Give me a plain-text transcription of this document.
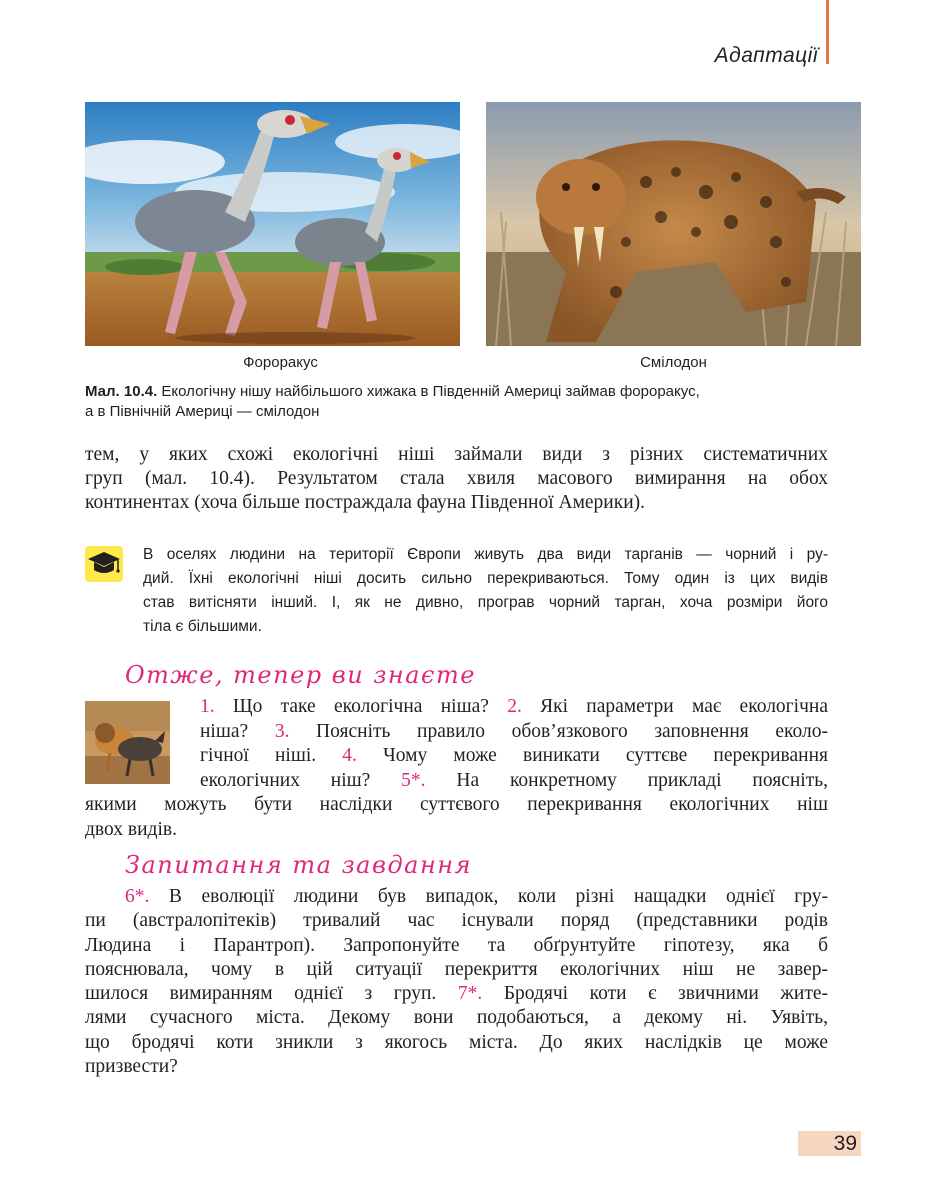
Адаптації
Фороракус	Смілодон
Мал. 10.4. Екологічну нішу найбільшого хижака в Південній Америці займав фороракус,
а в Північній Америці — смілодон
тем, у яких схожі екологічні ніші займали види з різних систематичних
груп (мал. 10.4). Результатом стала хвиля масового вимирання на обох
континентах (хоча більше постраждала фауна Південної Америки).
В оселях людини на території Європи живуть два види тарганів — чорний і ру-
дий. Їхні екологічні ніші досить сильно перекриваються. Тому один із цих видів
став витісняти інший. І, як не дивно, програв чорний тарган, хоча розміри його
тіла є більшими.
Отже, тепер ви знаєте
1. Що таке екологічна ніша? 2. Які параметри має екологічна
ніша? 3. Поясніть правило обов’язкового заповнення еколо-
гічної ніші. 4. Чому може виникати суттєве перекривання
екологічних ніш? 5*. На конкретному прикладі поясніть,
якими можуть бути наслідки суттєвого перекривання екологічних ніш
двох видів.
Запитання та завдання
6*. В еволюції людини був випадок, коли різні нащадки однієї гру-
пи (австралопітеків) тривалий час існували поряд (представники родів
Людина і Парантроп). Запропонуйте та обґрунтуйте гіпотезу, яка б
пояснювала, чому в цій ситуації перекриття екологічних ніш не завер-
шилося вимиранням однієї з груп. 7*. Бродячі коти є звичними жите-
лями сучасного міста. Декому вони подобаються, а декому ні. Уявіть,
що бродячі коти зникли з якогось міста. До яких наслідків це може
призвести?
39
